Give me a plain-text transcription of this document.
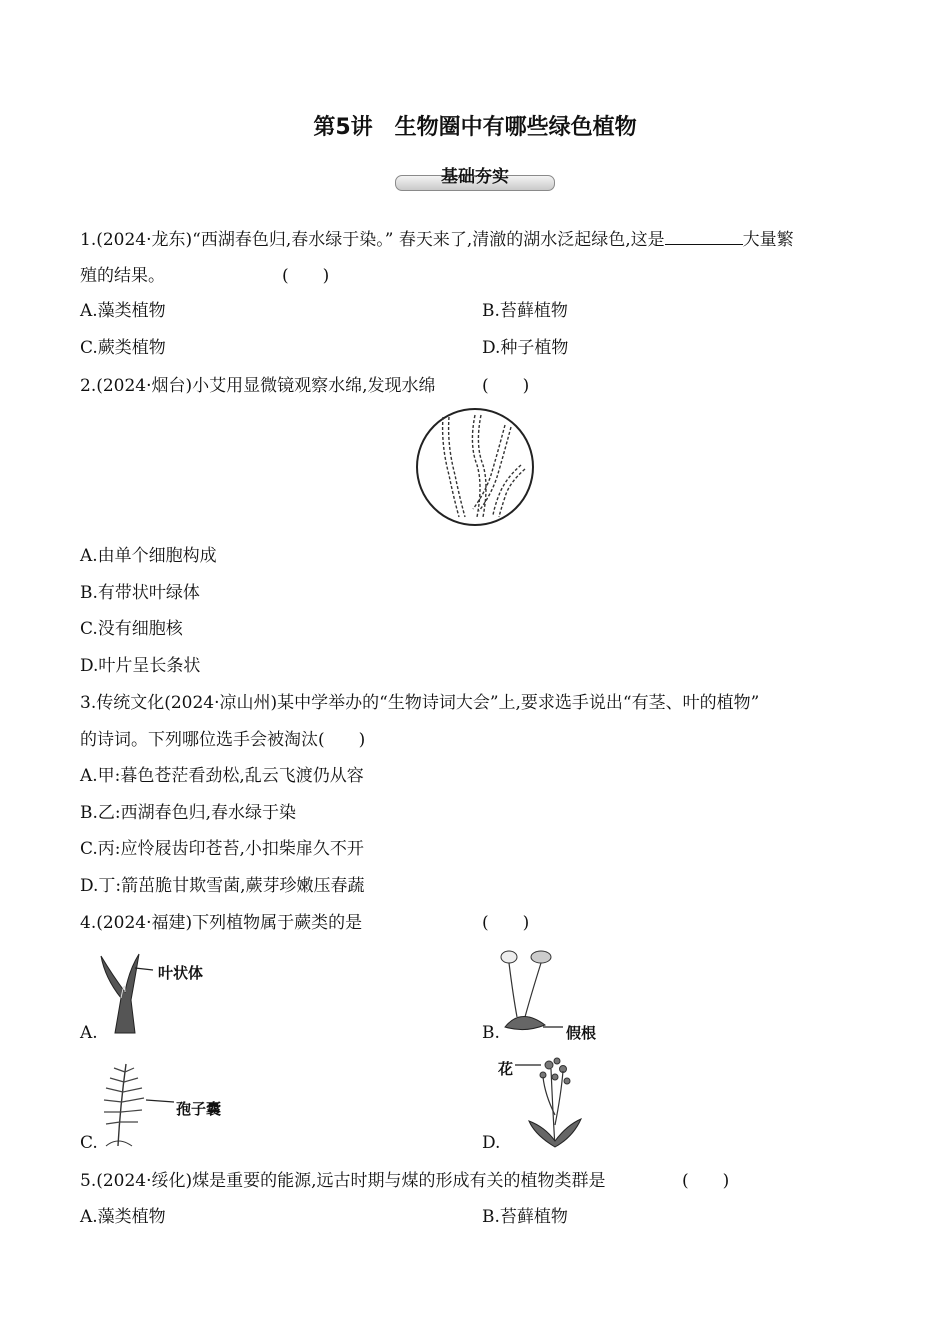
第5讲　生物圈中有哪些绿色植物
基础夯实
1.(2024·龙东)“西湖春色归,春水绿于染。” 春天来了,清澈的湖水泛起绿色,这是	大量繁
殖的结果。	(　　)
A.藻类植物	B.苔藓植物
C.蕨类植物	D.种子植物
2.(2024·烟台)小艾用显微镜观察水绵,发现水绵	(　　)
A.由单个细胞构成
B.有带状叶绿体
C.没有细胞核
D.叶片呈长条状
3.传统文化(2024·凉山州)某中学举办的“生物诗词大会”上,要求选手说出“有茎、叶的植物”
的诗词。下列哪位选手会被淘汰(　　)
A.甲:暮色苍茫看劲松,乱云飞渡仍从容
B.乙:西湖春色归,春水绿于染
C.丙:应怜屐齿印苍苔,小扣柴扉久不开
D.丁:箭茁脆甘欺雪菌,蕨芽珍嫩压春蔬
4.(2024·福建)下列植物属于蕨类的是	(　　)
A.
叶状体
B.	假根
C.
孢子囊
D.
花
5.(2024·绥化)煤是重要的能源,远古时期与煤的形成有关的植物类群是	(　　)
A.藻类植物	B.苔藓植物
